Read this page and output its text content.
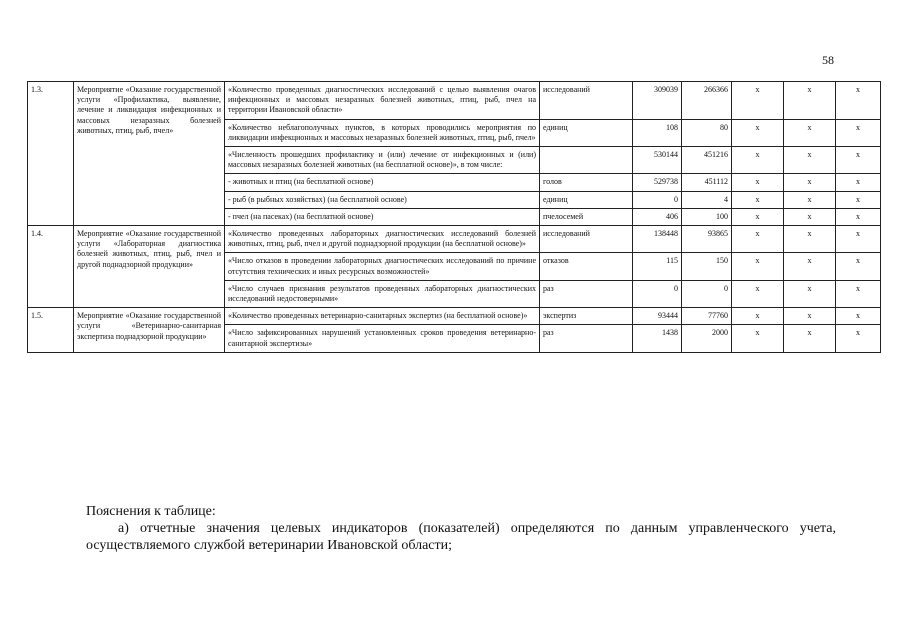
58
1.3.	Мероприятие «Оказание государственной услуги «Профилактика, выявление, лечение и ликвидация инфекционных и массовых незаразных болезней животных, птиц, рыб, пчел»	«Количество проведенных диагностических исследований с целью выявления очагов инфекционных и массовых незаразных болезней животных, птиц, рыб, пчел на территории Ивановской области»	исследований	309039	266366	х	х	х
		«Количество неблагополучных пунктов, в которых проводились мероприятия по ликвидации инфекционных и массовых незаразных болезней животных, птиц, рыб, пчел»	единиц	108	80	х	х	х
		«Численность прошедших профилактику и (или) лечение от инфекционных и (или) массовых незаразных болезней животных (на бесплатной основе)», в том числе:		530144	451216	х	х	х
		- животных и птиц (на бесплатной основе)	голов	529738	451112	х	х	х
		- рыб (в рыбных хозяйствах) (на бесплатной основе)	единиц	0	4	х	х	х
		- пчел (на пасеках) (на бесплатной основе)	пчелосемей	406	100	х	х	х
1.4.	Мероприятие «Оказание государственной услуги «Лабораторная диагностика болезней животных, птиц, рыб, пчел и другой поднадзорной продукции»	«Количество проведенных лабораторных диагностических исследований болезней животных, птиц, рыб, пчел и другой поднадзорной продукции (на бесплатной основе)»	исследований	138448	93865	х	х	х
		«Число отказов в проведении лабораторных диагностических исследований по причине отсутствия технических и иных ресурсных возможностей»	отказов	115	150	х	х	х
		«Число случаев признания результатов проведенных лабораторных диагностических исследований недостоверными»	раз	0	0	х	х	х
1.5.	Мероприятие «Оказание государственной услуги «Ветеринарно-санитарная экспертиза поднадзорной продукции»	«Количество проведенных ветеринарно-санитарных экспертиз (на бесплатной основе)»	экспертиз	93444	77760	х	х	х
		«Число зафиксированных нарушений установленных сроков проведения ветеринарно-санитарной экспертизы»	раз	1438	2000	х	х	х
Пояснения к таблице:
а) отчетные значения целевых индикаторов (показателей) определяются по данным управленческого учета, осуществляемого службой ветеринарии Ивановской области;
